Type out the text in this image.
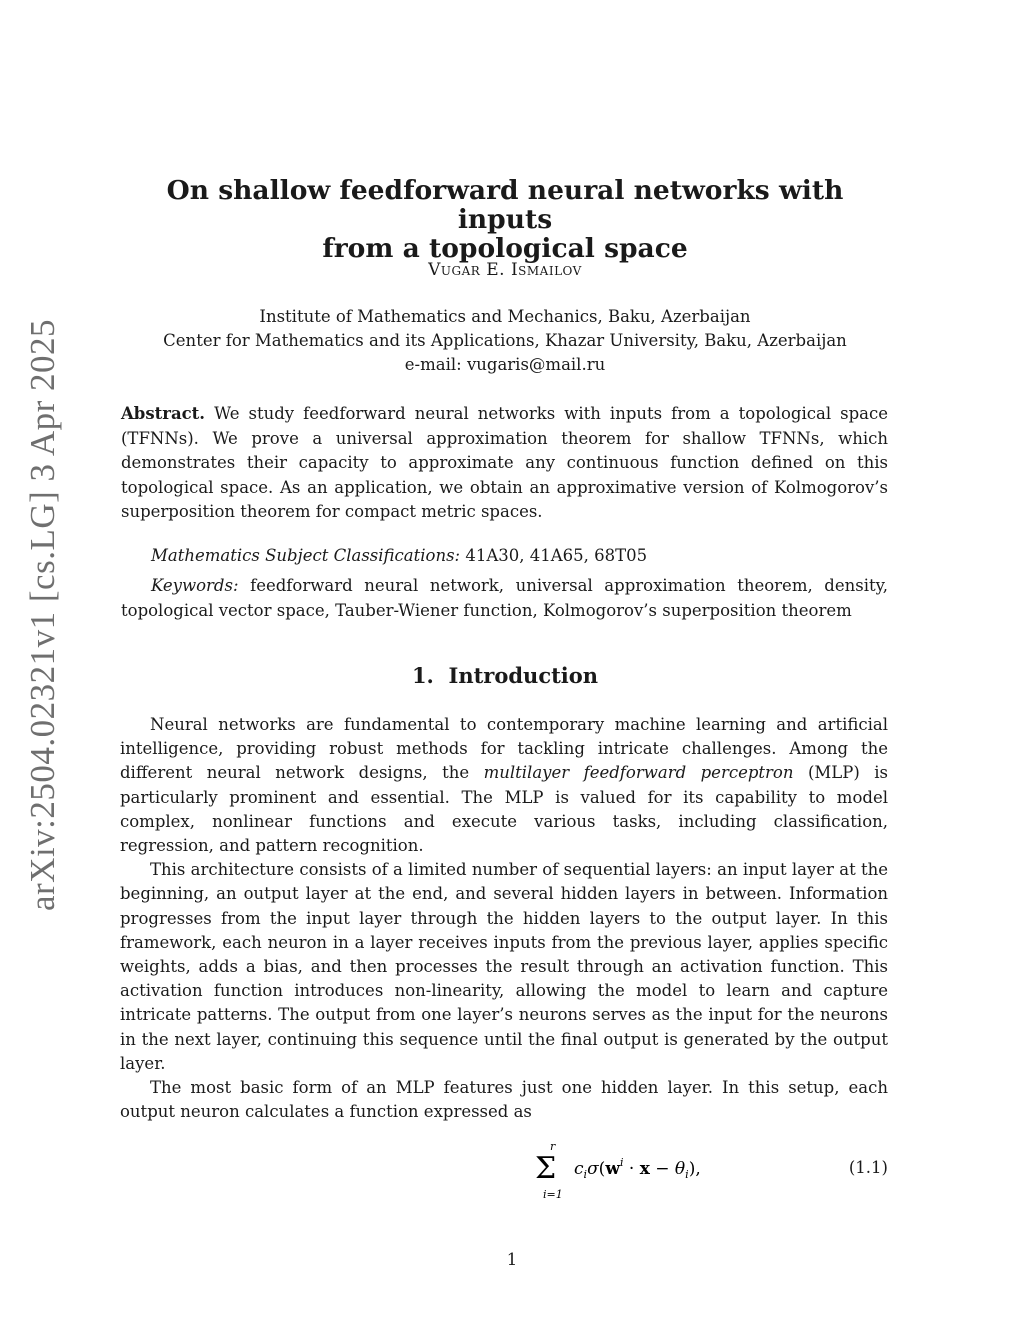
arXiv:2504.02321v1 [cs.LG] 3 Apr 2025
On shallow feedforward neural networks with inputs
from a topological space
Vugar E. Ismailov
Institute of Mathematics and Mechanics, Baku, Azerbaijan
Center for Mathematics and its Applications, Khazar University, Baku, Azerbaijan
e-mail: vugaris@mail.ru

Abstract. We study feedforward neural networks with inputs from a topological space (TFNNs). We prove a universal approximation theorem for shallow TFNNs, which demonstrates their capacity to approximate any continuous function defined on this topological space. As an application, we obtain an approximative version of Kolmogorov’s superposition theorem for compact metric spaces.

Mathematics Subject Classifications: 41A30, 41A65, 68T05

Keywords: feedforward neural network, universal approximation theorem, density, topological vector space, Tauber-Wiener function, Kolmogorov’s superposition theorem

1. Introduction

Neural networks are fundamental to contemporary machine learning and artificial intelligence, providing robust methods for tackling intricate challenges. Among the different neural network designs, the multilayer feedforward perceptron (MLP) is particularly prominent and essential. The MLP is valued for its capability to model complex, nonlinear functions and execute various tasks, including classification, regression, and pattern recognition.

This architecture consists of a limited number of sequential layers: an input layer at the beginning, an output layer at the end, and several hidden layers in between. Information progresses from the input layer through the hidden layers to the output layer. In this framework, each neuron in a layer receives inputs from the previous layer, applies specific weights, adds a bias, and then processes the result through an activation function. This activation function introduces non-linearity, allowing the model to learn and capture intricate patterns. The output from one layer’s neurons serves as the input for the neurons in the next layer, continuing this sequence until the final output is generated by the output layer.

The most basic form of an MLP features just one hidden layer. In this setup, each output neuron calculates a function expressed as

r
Σ
i=1
$c_i\sigma(w^i \cdot x - \theta_i)$,	(1.1)
1
